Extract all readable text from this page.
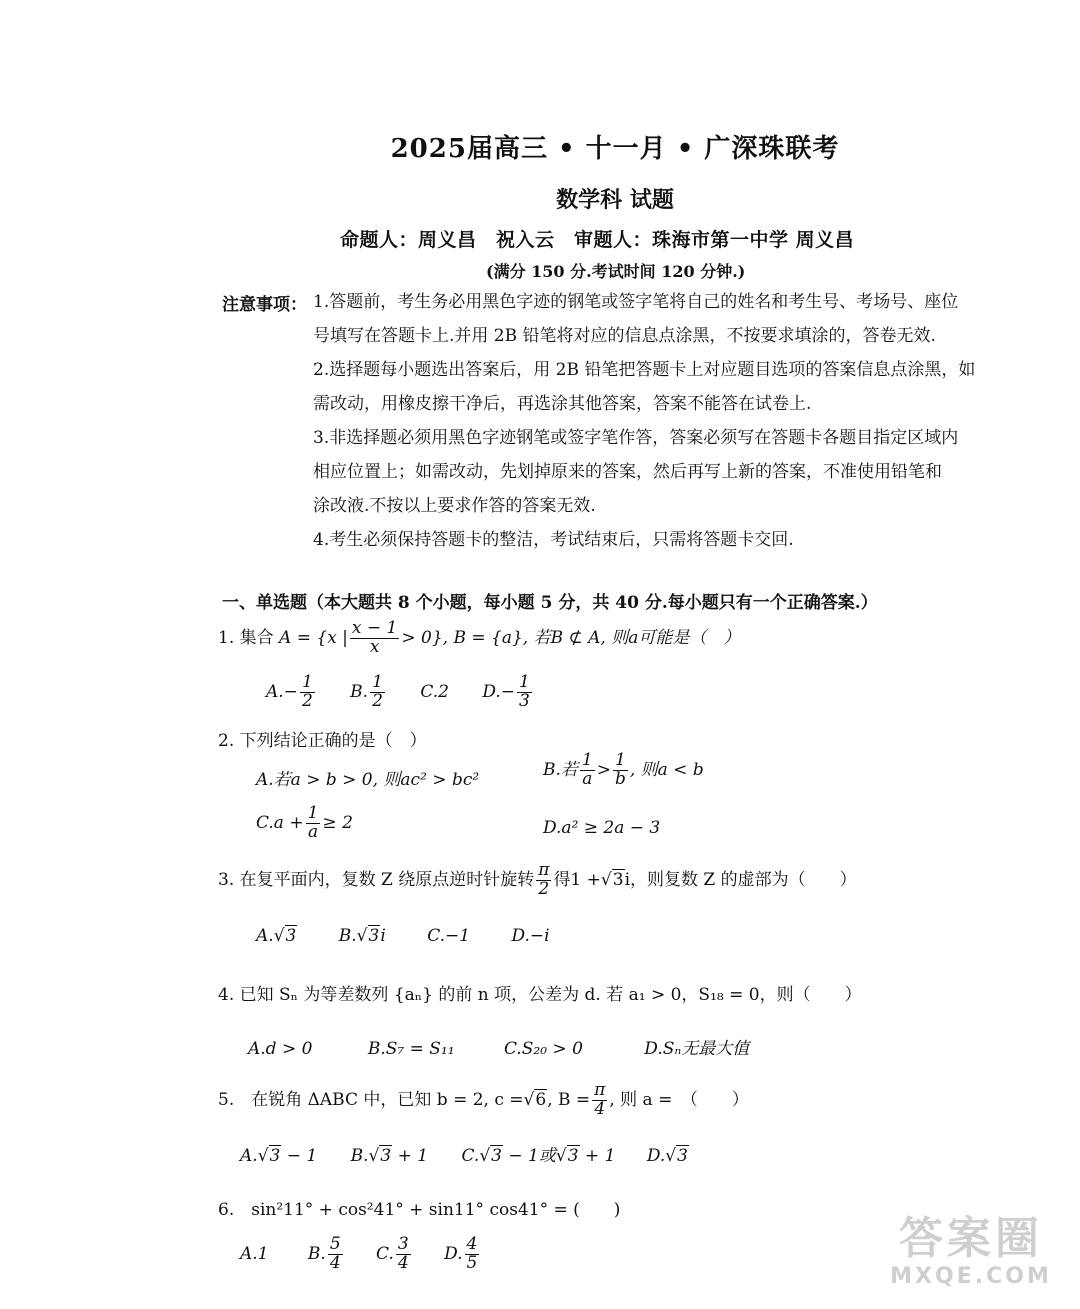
2025届高三 • 十一月 • 广深珠联考
数学科 试题
命题人：周义昌　祝入云　审题人：珠海市第一中学 周义昌
(满分 150 分.考试时间 120 分钟.)
注意事项： 1.答题前，考生务必用黑色字迹的钢笔或签字笔将自己的姓名和考生号、考场号、座位
号填写在答题卡上.并用 2B 铅笔将对应的信息点涂黑，不按要求填涂的，答卷无效.
2.选择题每小题选出答案后，用 2B 铅笔把答题卡上对应题目选项的答案信息点涂黑，如
需改动，用橡皮擦干净后，再选涂其他答案，答案不能答在试卷上.
3.非选择题必须用黑色字迹钢笔或签字笔作答，答案必须写在答题卡各题目指定区域内
相应位置上；如需改动，先划掉原来的答案，然后再写上新的答案，不准使用铅笔和
涂改液.不按以上要求作答的答案无效.
4.考生必须保持答题卡的整洁，考试结束后，只需将答题卡交回.
一、单选题（本大题共 8 个小题，每小题 5 分，共 40 分.每小题只有一个正确答案.）
1. 集合 A = {x | $\frac{x - 1}{x} > 0$}, B = {a}, 若B ⊄ A, 则a可能是（　）
$A.- \frac{1}{2} B$. $\frac{1}{2} C.2$ $D.- \frac{1}{3}$
2. 下列结论正确的是（　）
A.若a > b > 0, 则ac² > bc²
B.若 $\frac{1}{a} > \frac{1}{b}$ , 则a < b
$C.a + \frac{1}{a} \ge 2$	D.a² ≥ 2a − 3
3. 在复平面内，复数 Z 绕原点逆时针旋转 $\frac{\pi}{2}$ 得1 +√3i，则复数 Z 的虚部为（　　）
A.√3 B.√3i C.−1 D.−i
4. 已知 Sₙ 为等差数列 {aₙ} 的前 n 项，公差为 d. 若 a₁ > 0，S₁₈ = 0，则（　　）
A.d > 0	B.S₇ = S₁₁	C.S₂₀ > 0	D.Sₙ无最大值
5.　在锐角 ΔABC 中，已知 b = 2, c =√6, $B = \frac{\pi}{4}$ , 则 a =　（　　）
A.√3 − 1 B.√3 + 1 C.√3 − 1或√3 + 1 D.√3
6.　sin²11° + cos²41° + sin11° cos41° = (　　)
A.1 B. $\frac{5}{4} C$. $\frac{3}{4} D$. $\frac{4}{5}$	答案圈
MXQE.COM
